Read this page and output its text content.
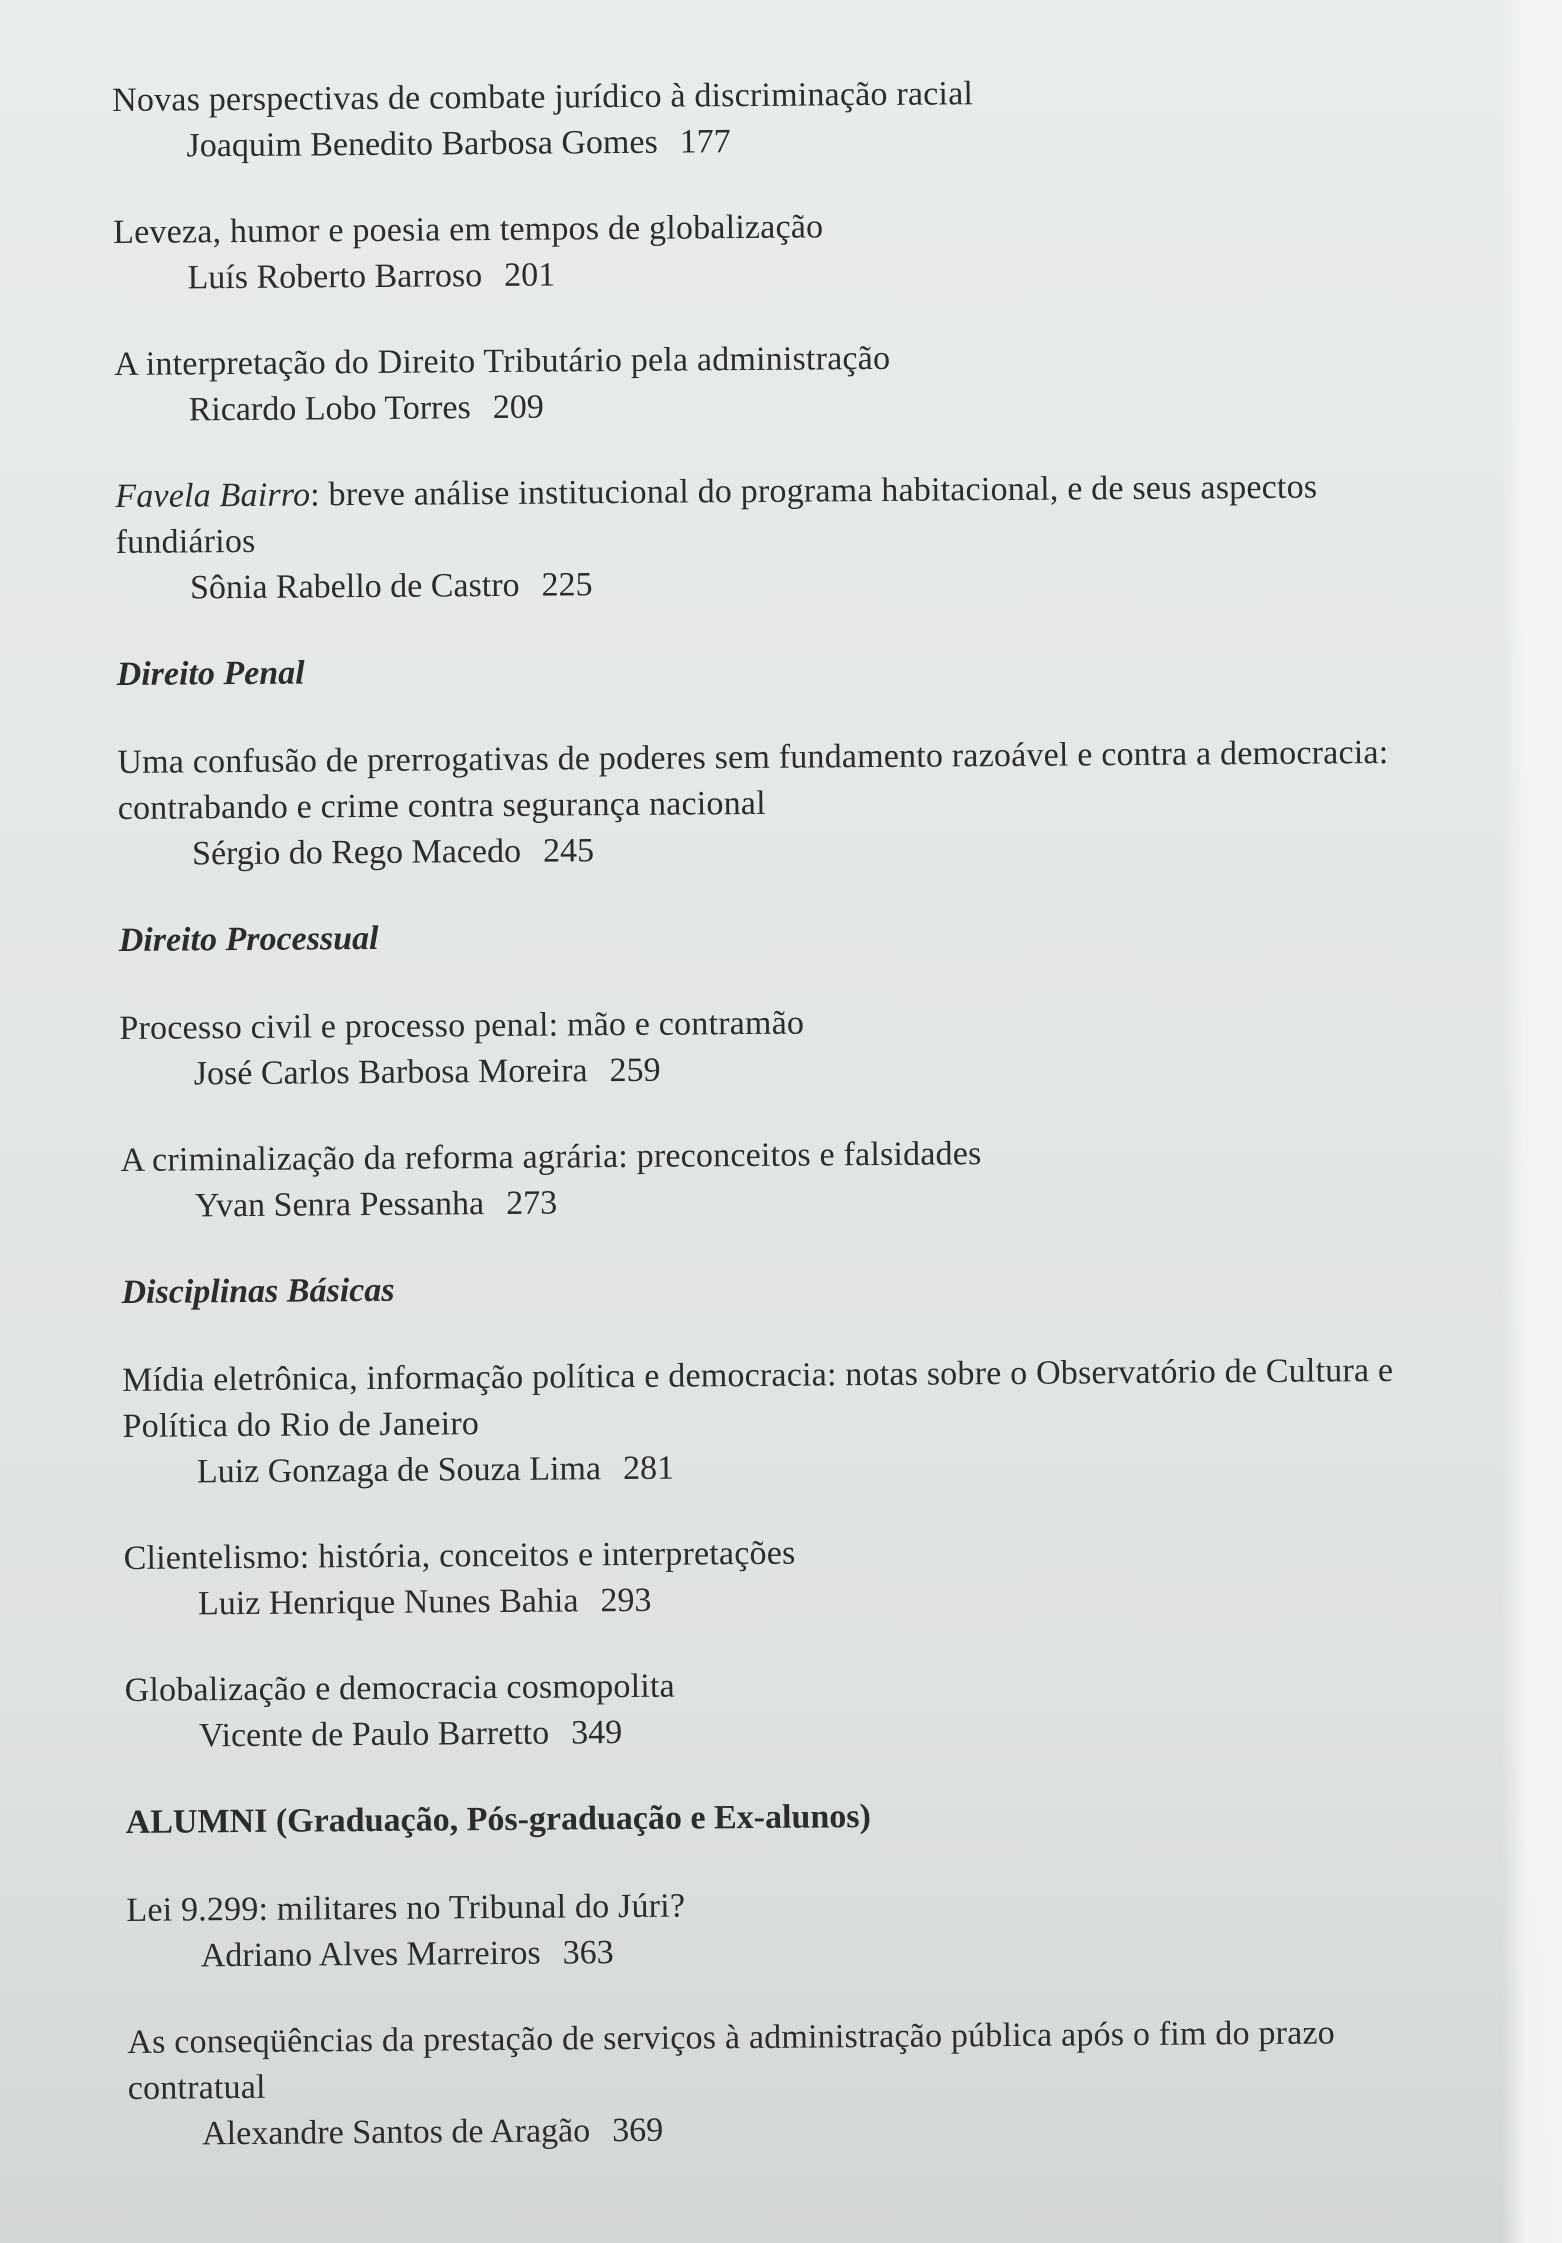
Novas perspectivas de combate jurídico à discriminação racial

Joaquim Benedito Barbosa Gomes 177

Leveza, humor e poesia em tempos de globalização

Luís Roberto Barroso 201

A interpretação do Direito Tributário pela administração

Ricardo Lobo Torres 209

Favela Bairro: breve análise institucional do programa habitacional, e de seus aspectos fundiários

Sônia Rabello de Castro 225

Direito Penal

Uma confusão de prerrogativas de poderes sem fundamento razoável e contra a democracia: contrabando e crime contra segurança nacional

Sérgio do Rego Macedo 245

Direito Processual

Processo civil e processo penal: mão e contramão

José Carlos Barbosa Moreira 259

A criminalização da reforma agrária: preconceitos e falsidades

Yvan Senra Pessanha 273

Disciplinas Básicas

Mídia eletrônica, informação política e democracia: notas sobre o Observatório de Cultura e Política do Rio de Janeiro

Luiz Gonzaga de Souza Lima 281

Clientelismo: história, conceitos e interpretações

Luiz Henrique Nunes Bahia 293

Globalização e democracia cosmopolita

Vicente de Paulo Barretto 349

ALUMNI (Graduação, Pós-graduação e Ex-alunos)

Lei 9.299: militares no Tribunal do Júri?

Adriano Alves Marreiros 363

As conseqüências da prestação de serviços à administração pública após o fim do prazo contratual

Alexandre Santos de Aragão 369
